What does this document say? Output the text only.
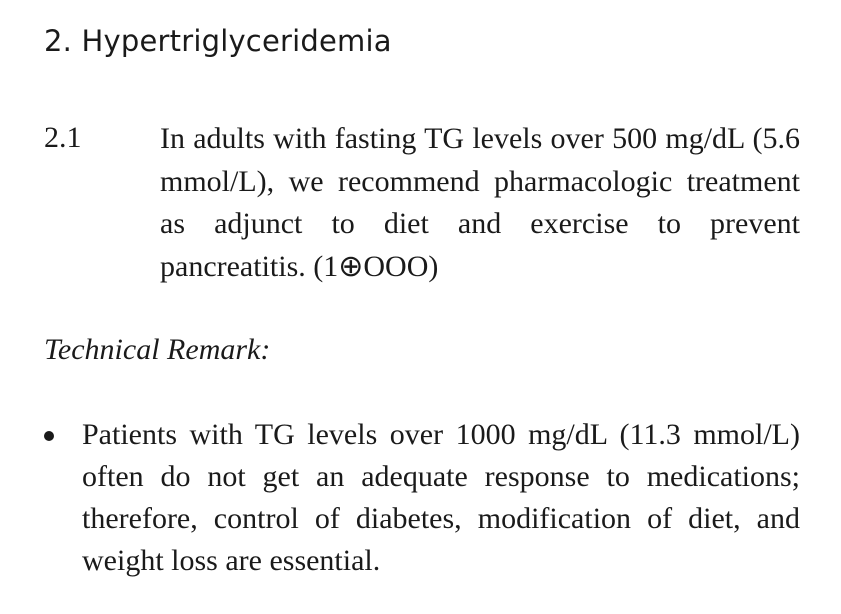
2. Hypertriglyceridemia
2.1	In adults with fasting TG levels over 500 mg/dL (5.6 mmol/L), we recommend pharmacologic treatment as adjunct to diet and exercise to prevent pancreatitis. (1⊕OOO)
Technical Remark:
Patients with TG levels over 1000 mg/dL (11.3 mmol/L) often do not get an adequate response to medications; therefore, control of diabetes, modification of diet, and weight loss are essential.
